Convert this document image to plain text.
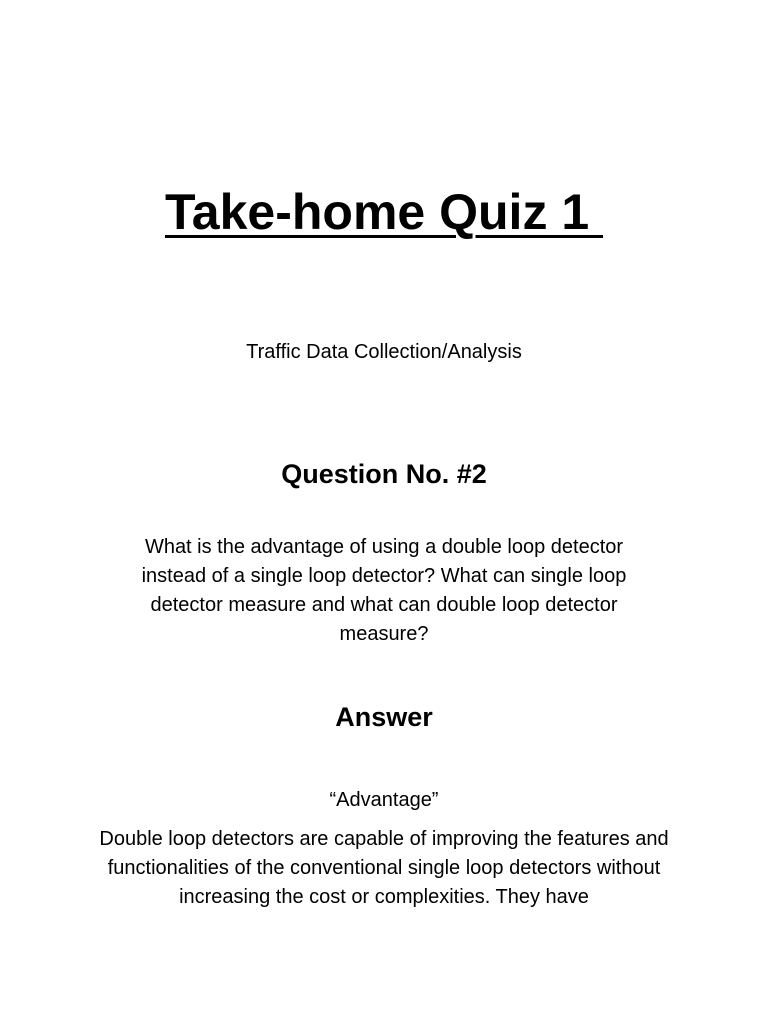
Take-home Quiz 1

Traffic Data Collection/Analysis

Question No. #2

What is the advantage of using a double loop detector instead of a single loop detector? What can single loop detector measure and what can double loop detector measure?

Answer

“Advantage”

Double loop detectors are capable of improving the features and functionalities of the conventional single loop detectors without increasing the cost or complexities. They have
